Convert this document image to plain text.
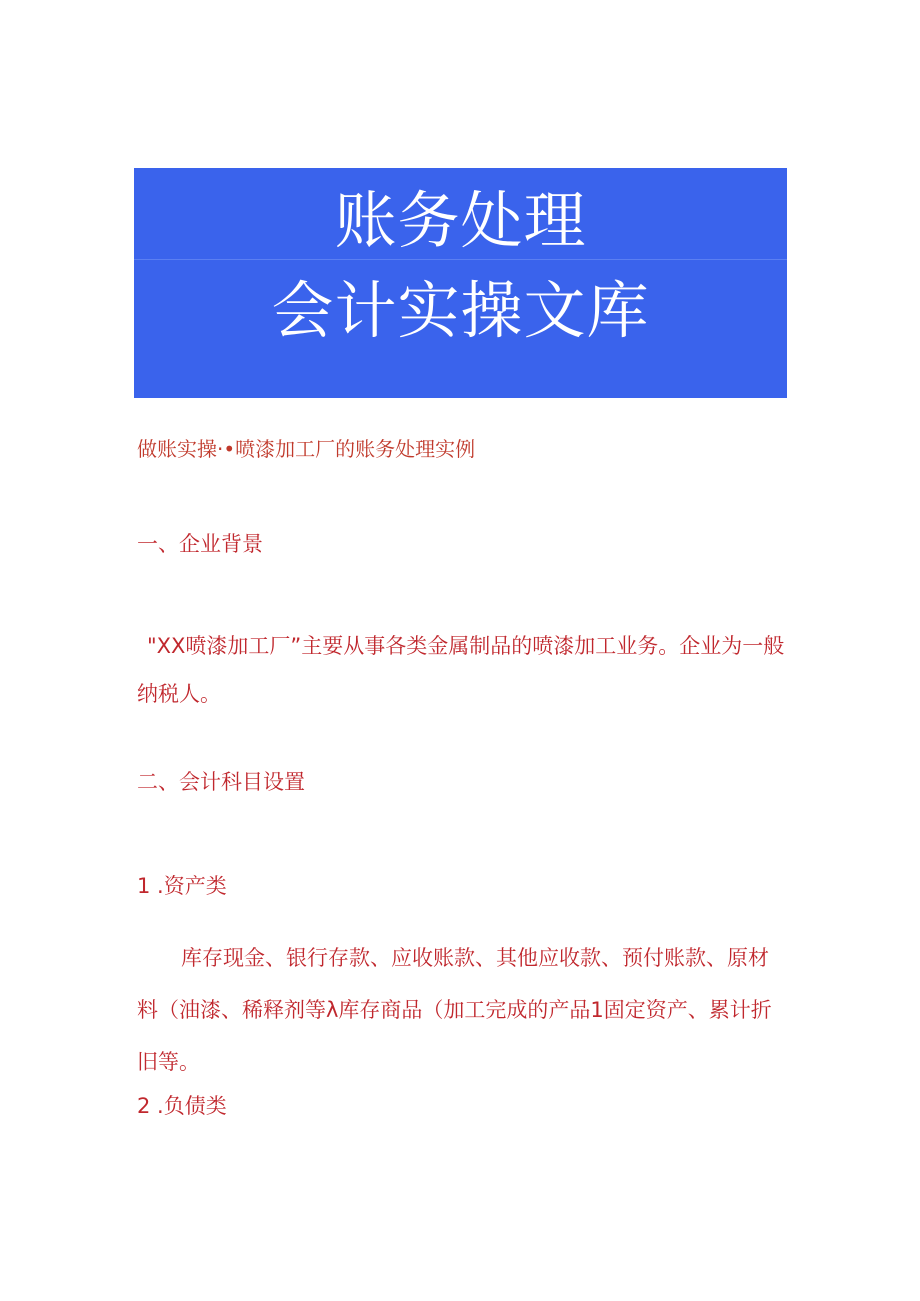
账务处理
会计实操文库
做账实操·•喷漆加工厂的账务处理实例
一、企业背景
"XX喷漆加工厂”主要从事各类金属制品的喷漆加工业务。企业为一般纳税人。
二、会计科目设置
1 .资产类
库存现金、银行存款、应收账款、其他应收款、预付账款、原材料（油漆、稀释剂等λ库存商品（加工完成的产品1固定资产、累计折旧等。
2 .负债类
